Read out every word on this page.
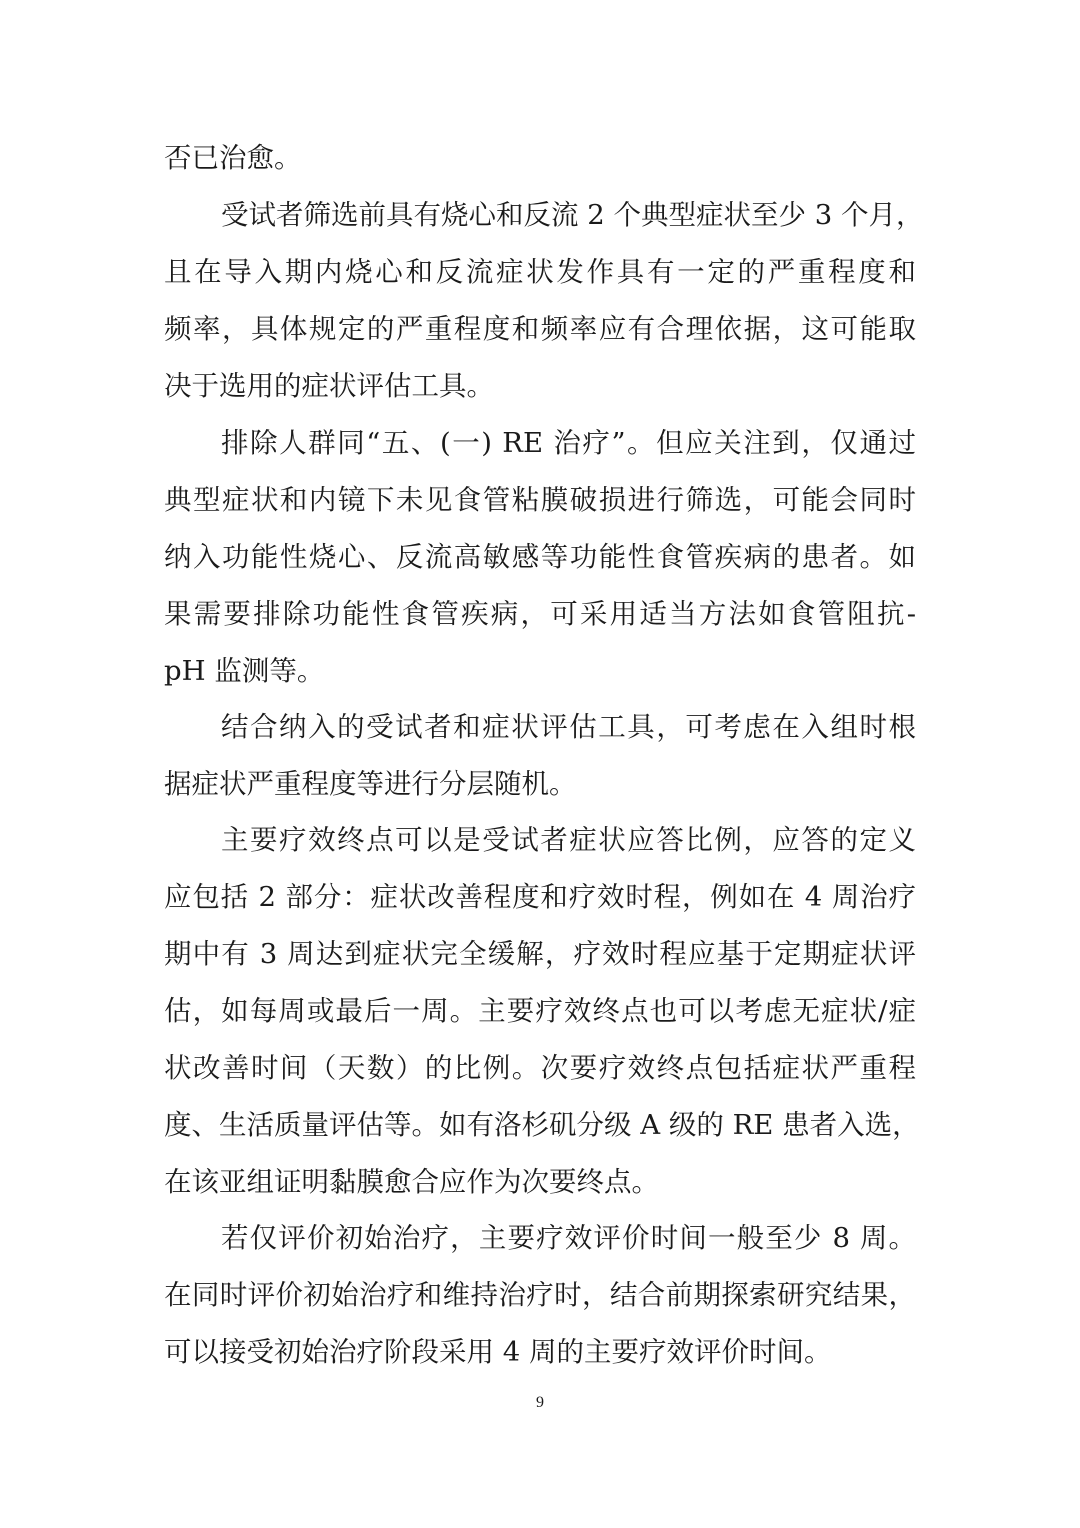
否已治愈。
受试者筛选前具有烧心和反流 2 个典型症状至少 3 个月，
且在导入期内烧心和反流症状发作具有一定的严重程度和
频率，具体规定的严重程度和频率应有合理依据，这可能取
决于选用的症状评估工具。
排除人群同“五、(一) RE 治疗”。但应关注到，仅通过
典型症状和内镜下未见食管粘膜破损进行筛选，可能会同时
纳入功能性烧心、反流高敏感等功能性食管疾病的患者。如
果需要排除功能性食管疾病，可采用适当方法如食管阻抗-
pH 监测等。
结合纳入的受试者和症状评估工具，可考虑在入组时根
据症状严重程度等进行分层随机。
主要疗效终点可以是受试者症状应答比例，应答的定义
应包括 2 部分：症状改善程度和疗效时程，例如在 4 周治疗
期中有 3 周达到症状完全缓解，疗效时程应基于定期症状评
估，如每周或最后一周。主要疗效终点也可以考虑无症状/症
状改善时间（天数）的比例。次要疗效终点包括症状严重程
度、生活质量评估等。如有洛杉矶分级 A 级的 RE 患者入选，
在该亚组证明黏膜愈合应作为次要终点。
若仅评价初始治疗，主要疗效评价时间一般至少 8 周。
在同时评价初始治疗和维持治疗时，结合前期探索研究结果，
可以接受初始治疗阶段采用 4 周的主要疗效评价时间。
9
